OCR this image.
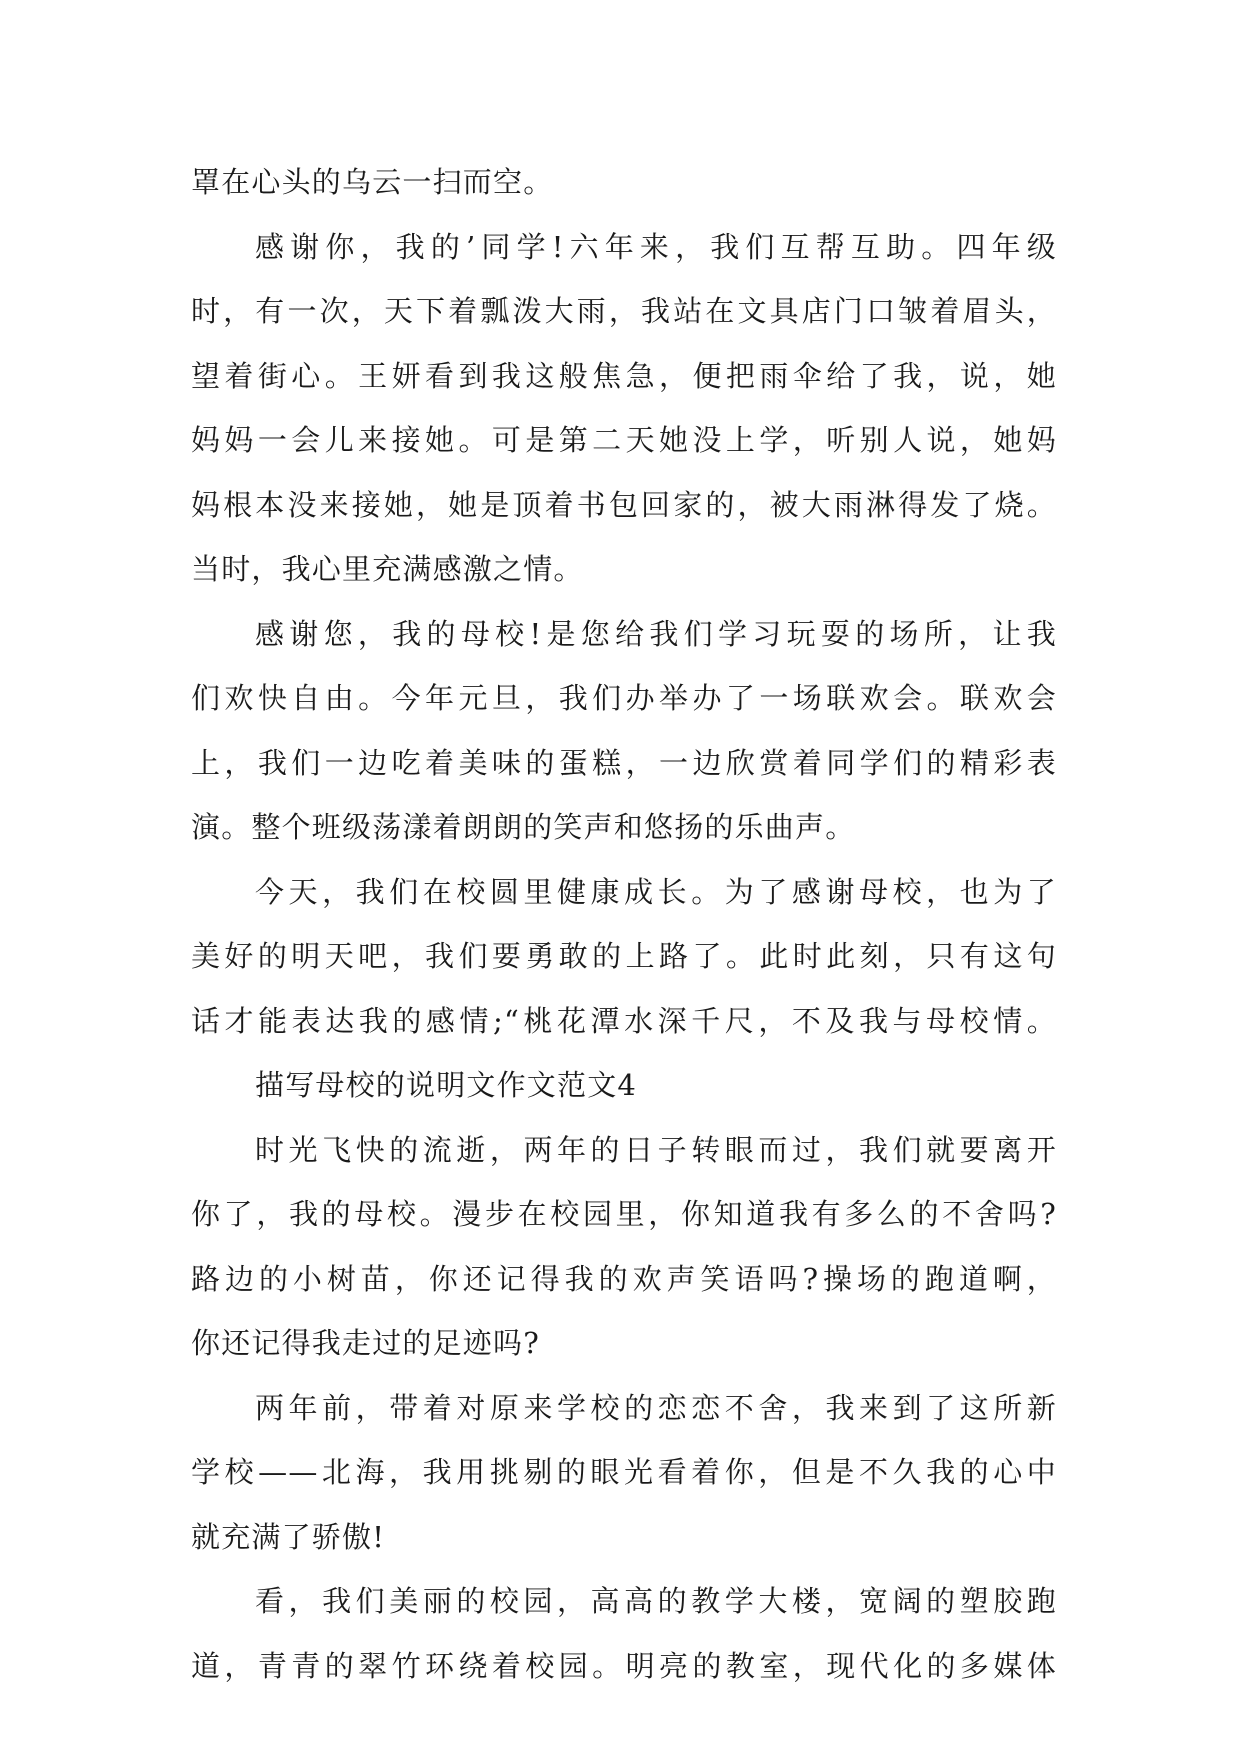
罩在心头的乌云一扫而空。
感谢你，我的’同学!六年来，我们互帮互助。四年级
时，有一次，天下着瓢泼大雨，我站在文具店门口皱着眉头，
望着街心。王妍看到我这般焦急，便把雨伞给了我，说，她
妈妈一会儿来接她。可是第二天她没上学，听别人说，她妈
妈根本没来接她，她是顶着书包回家的，被大雨淋得发了烧。
当时，我心里充满感激之情。
感谢您，我的母校!是您给我们学习玩耍的场所，让我
们欢快自由。今年元旦，我们办举办了一场联欢会。联欢会
上，我们一边吃着美味的蛋糕，一边欣赏着同学们的精彩表
演。整个班级荡漾着朗朗的笑声和悠扬的乐曲声。
今天，我们在校圆里健康成长。为了感谢母校，也为了
美好的明天吧，我们要勇敢的上路了。此时此刻，只有这句
话才能表达我的感情;“桃花潭水深千尺，不及我与母校情。
描写母校的说明文作文范文4
时光飞快的流逝，两年的日子转眼而过，我们就要离开
你了，我的母校。漫步在校园里，你知道我有多么的不舍吗?
路边的小树苗，你还记得我的欢声笑语吗?操场的跑道啊，
你还记得我走过的足迹吗?
两年前，带着对原来学校的恋恋不舍，我来到了这所新
学校——北海，我用挑剔的眼光看着你，但是不久我的心中
就充满了骄傲!
看，我们美丽的校园，高高的教学大楼，宽阔的塑胶跑
道，青青的翠竹环绕着校园。明亮的教室，现代化的多媒体
